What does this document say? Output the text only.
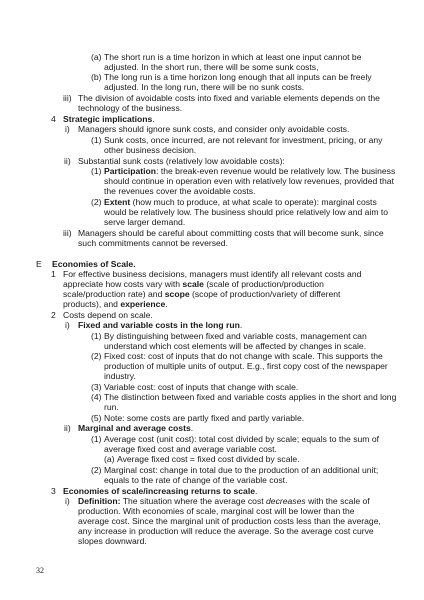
(a) The short run is a time horizon in which at least one input cannot be
adjusted. In the short run, there will be some sunk costs,
(b) The long run is a time horizon long enough that all inputs can be freely
adjusted. In the long run, there will be no sunk costs.
iii) The division of avoidable costs into fixed and variable elements depends on the
technology of the business.
4 Strategic implications.
i) Managers should ignore sunk costs, and consider only avoidable costs.
(1) Sunk costs, once incurred, are not relevant for investment, pricing, or any
other business decision.
ii) Substantial sunk costs (relatively low avoidable costs):
(1) Participation: the break-even revenue would be relatively low. The business
should continue in operation even with relatively low revenues, provided that
the revenues cover the avoidable costs.
(2) Extent (how much to produce, at what scale to operate): marginal costs
would be relatively low. The business should price relatively low and aim to
serve larger demand.
iii) Managers should be careful about committing costs that will become sunk, since
such commitments cannot be reversed.
E Economies of Scale.
1 For effective business decisions, managers must identify all relevant costs and
appreciate how costs vary with scale (scale of production/production
scale/production rate) and scope (scope of production/variety of different
products), and experience.
2 Costs depend on scale.
i) Fixed and variable costs in the long run.
(1) By distinguishing between fixed and variable costs, management can
understand which cost elements will be affected by changes in scale.
(2) Fixed cost: cost of inputs that do not change with scale. This supports the
production of multiple units of output. E.g., first copy cost of the newspaper
industry.
(3) Variable cost: cost of inputs that change with scale.
(4) The distinction between fixed and variable costs applies in the short and long
run.
(5) Note: some costs are partly fixed and partly variable.
ii) Marginal and average costs.
(1) Average cost (unit cost): total cost divided by scale; equals to the sum of
average fixed cost and average variable cost.
(a) Average fixed cost = fixed cost divided by scale.
(2) Marginal cost: change in total due to the production of an additional unit;
equals to the rate of change of the variable cost.
3 Economies of scale/increasing returns to scale.
i) Definition: The situation where the average cost decreases with the scale of
production. With economies of scale, marginal cost will be lower than the
average cost. Since the marginal unit of production costs less than the average,
any increase in production will reduce the average. So the average cost curve
slopes downward.
32
